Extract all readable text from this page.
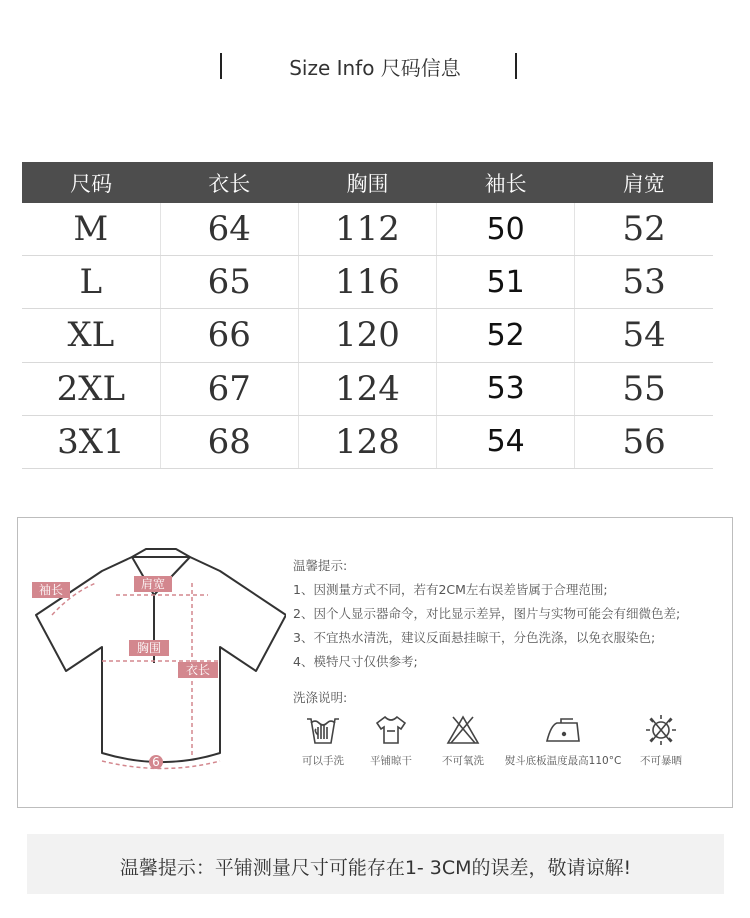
Size Info 尺码信息
尺码	衣长	胸围	袖长	肩宽
M	64	112	50	52
L	65	116	51	53
XL	66	120	52	54
2XL	67	124	53	55
3X1	68	128	54	56
袖长	肩宽
胸围
衣长
6
温馨提示:
1、因测量方式不同，若有2CM左右误差皆属于合理范围;
2、因个人显示器命令，对比显示差异，图片与实物可能会有细微色差;
3、不宜热水清洗，建议反面悬挂晾干，分色洗涤，以免衣服染色;
4、模特尺寸仅供参考;
洗涤说明:
可以手洗	平铺晾干	不可氧洗	熨斗底板温度最高110°C	不可暴晒
温馨提示：平铺测量尺寸可能存在1- 3CM的误差，敬请谅解!
